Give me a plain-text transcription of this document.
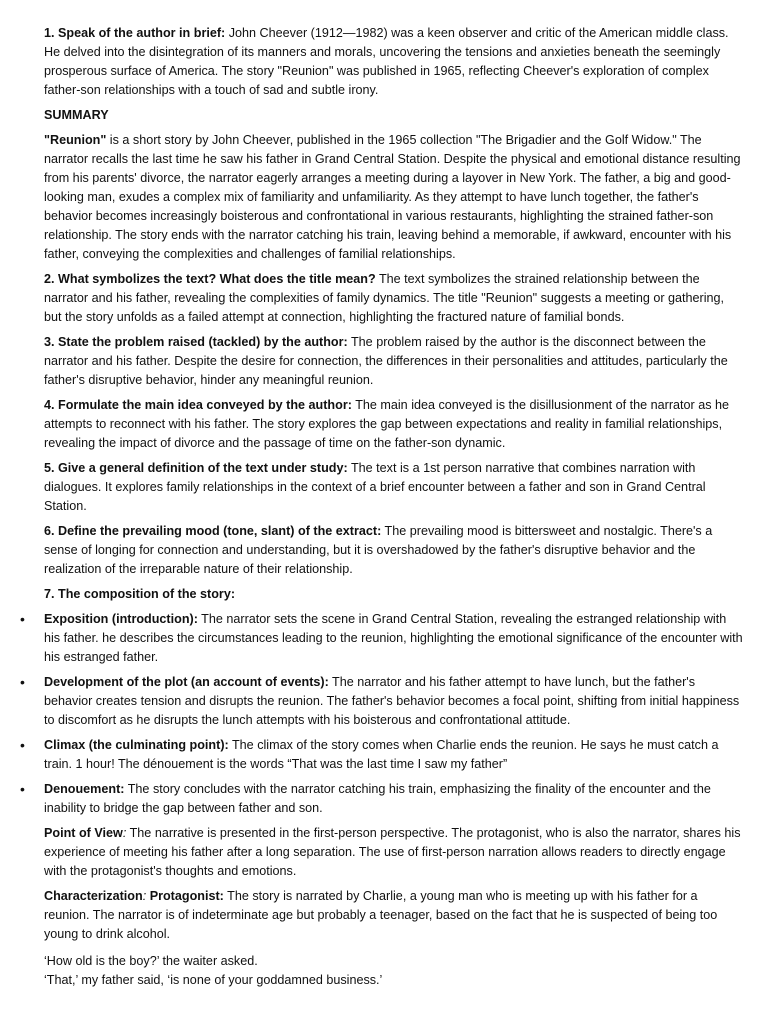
1. Speak of the author in brief: John Cheever (1912—1982) was a keen observer and critic of the American middle class. He delved into the disintegration of its manners and morals, uncovering the tensions and anxieties beneath the seemingly prosperous surface of America. The story "Reunion" was published in 1965, reflecting Cheever's exploration of complex father-son relationships with a touch of sad and subtle irony.

SUMMARY

"Reunion" is a short story by John Cheever, published in the 1965 collection "The Brigadier and the Golf Widow." The narrator recalls the last time he saw his father in Grand Central Station. Despite the physical and emotional distance resulting from his parents' divorce, the narrator eagerly arranges a meeting during a layover in New York. The father, a big and good-looking man, exudes a complex mix of familiarity and unfamiliarity. As they attempt to have lunch together, the father's behavior becomes increasingly boisterous and confrontational in various restaurants, highlighting the strained father-son relationship. The story ends with the narrator catching his train, leaving behind a memorable, if awkward, encounter with his father, conveying the complexities and challenges of familial relationships.

2. What symbolizes the text? What does the title mean? The text symbolizes the strained relationship between the narrator and his father, revealing the complexities of family dynamics. The title "Reunion" suggests a meeting or gathering, but the story unfolds as a failed attempt at connection, highlighting the fractured nature of familial bonds.

3. State the problem raised (tackled) by the author: The problem raised by the author is the disconnect between the narrator and his father. Despite the desire for connection, the differences in their personalities and attitudes, particularly the father's disruptive behavior, hinder any meaningful reunion.

4. Formulate the main idea conveyed by the author: The main idea conveyed is the disillusionment of the narrator as he attempts to reconnect with his father. The story explores the gap between expectations and reality in familial relationships, revealing the impact of divorce and the passage of time on the father-son dynamic.

5. Give a general definition of the text under study: The text is a 1st person narrative that combines narration with dialogues. It explores family relationships in the context of a brief encounter between a father and son in Grand Central Station.

6. Define the prevailing mood (tone, slant) of the extract: The prevailing mood is bittersweet and nostalgic. There's a sense of longing for connection and understanding, but it is overshadowed by the father's disruptive behavior and the realization of the irreparable nature of their relationship.

7. The composition of the story:

• Exposition (introduction): The narrator sets the scene in Grand Central Station, revealing the estranged relationship with his father. he describes the circumstances leading to the reunion, highlighting the emotional significance of the encounter with his estranged father.
• Development of the plot (an account of events): The narrator and his father attempt to have lunch, but the father's behavior creates tension and disrupts the reunion. The father's behavior becomes a focal point, shifting from initial happiness to discomfort as he disrupts the lunch attempts with his boisterous and confrontational attitude.
• Climax (the culminating point): The climax of the story comes when Charlie ends the reunion. He says he must catch a train. 1 hour! The dénouement is the words “That was the last time I saw my father”
• Denouement: The story concludes with the narrator catching his train, emphasizing the finality of the encounter and the inability to bridge the gap between father and son.

Point of View: The narrative is presented in the first-person perspective. The protagonist, who is also the narrator, shares his experience of meeting his father after a long separation. The use of first-person narration allows readers to directly engage with the protagonist's thoughts and emotions.

Characterization: Protagonist: The story is narrated by Charlie, a young man who is meeting up with his father for a reunion. The narrator is of indeterminate age but probably a teenager, based on the fact that he is suspected of being too young to drink alcohol.

‘How old is the boy?’ the waiter asked.

‘That,’ my father said, ‘is none of your goddamned business.’
